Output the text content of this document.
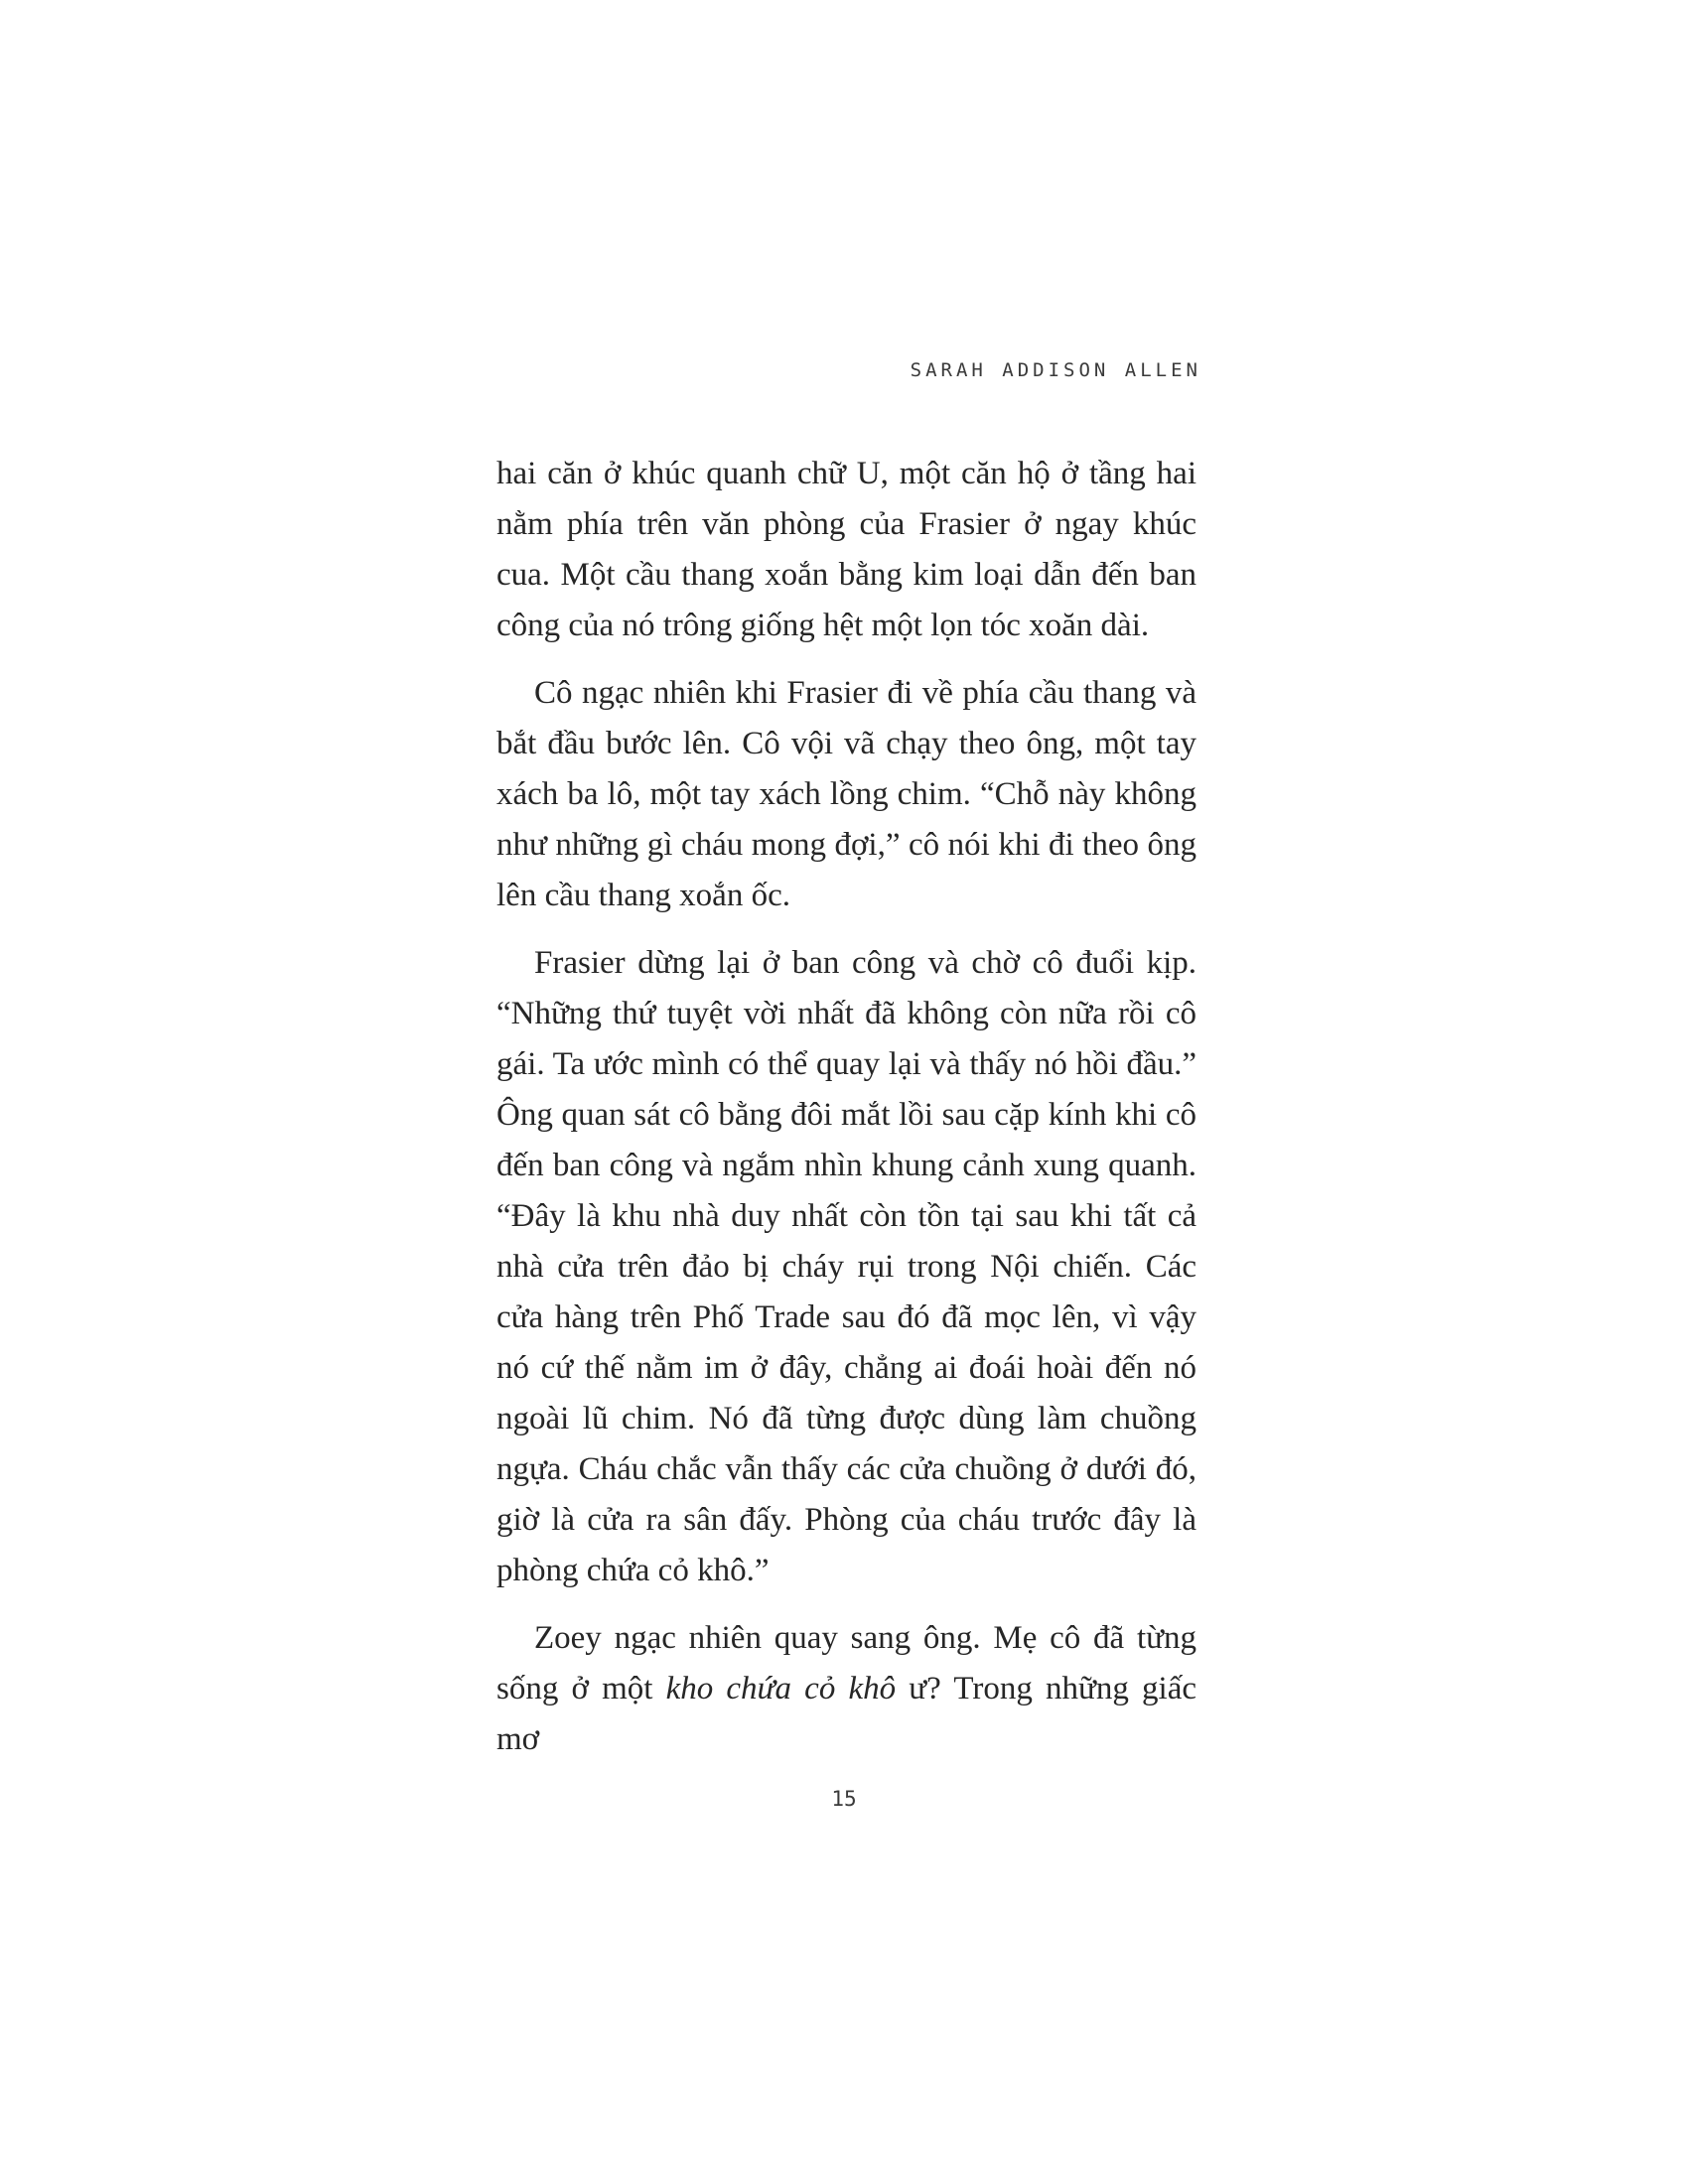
SARAH ADDISON ALLEN

hai căn ở khúc quanh chữ U, một căn hộ ở tầng hai nằm phía trên văn phòng của Frasier ở ngay khúc cua. Một cầu thang xoắn bằng kim loại dẫn đến ban công của nó trông giống hệt một lọn tóc xoăn dài.

Cô ngạc nhiên khi Frasier đi về phía cầu thang và bắt đầu bước lên. Cô vội vã chạy theo ông, một tay xách ba lô, một tay xách lồng chim. “Chỗ này không như những gì cháu mong đợi,” cô nói khi đi theo ông lên cầu thang xoắn ốc.

Frasier dừng lại ở ban công và chờ cô đuổi kịp. “Những thứ tuyệt vời nhất đã không còn nữa rồi cô gái. Ta ước mình có thể quay lại và thấy nó hồi đầu.” Ông quan sát cô bằng đôi mắt lồi sau cặp kính khi cô đến ban công và ngắm nhìn khung cảnh xung quanh. “Đây là khu nhà duy nhất còn tồn tại sau khi tất cả nhà cửa trên đảo bị cháy rụi trong Nội chiến. Các cửa hàng trên Phố Trade sau đó đã mọc lên, vì vậy nó cứ thế nằm im ở đây, chẳng ai đoái hoài đến nó ngoài lũ chim. Nó đã từng được dùng làm chuồng ngựa. Cháu chắc vẫn thấy các cửa chuồng ở dưới đó, giờ là cửa ra sân đấy. Phòng của cháu trước đây là phòng chứa cỏ khô.”

Zoey ngạc nhiên quay sang ông. Mẹ cô đã từng sống ở một kho chứa cỏ khô ư? Trong những giấc mơ

15
